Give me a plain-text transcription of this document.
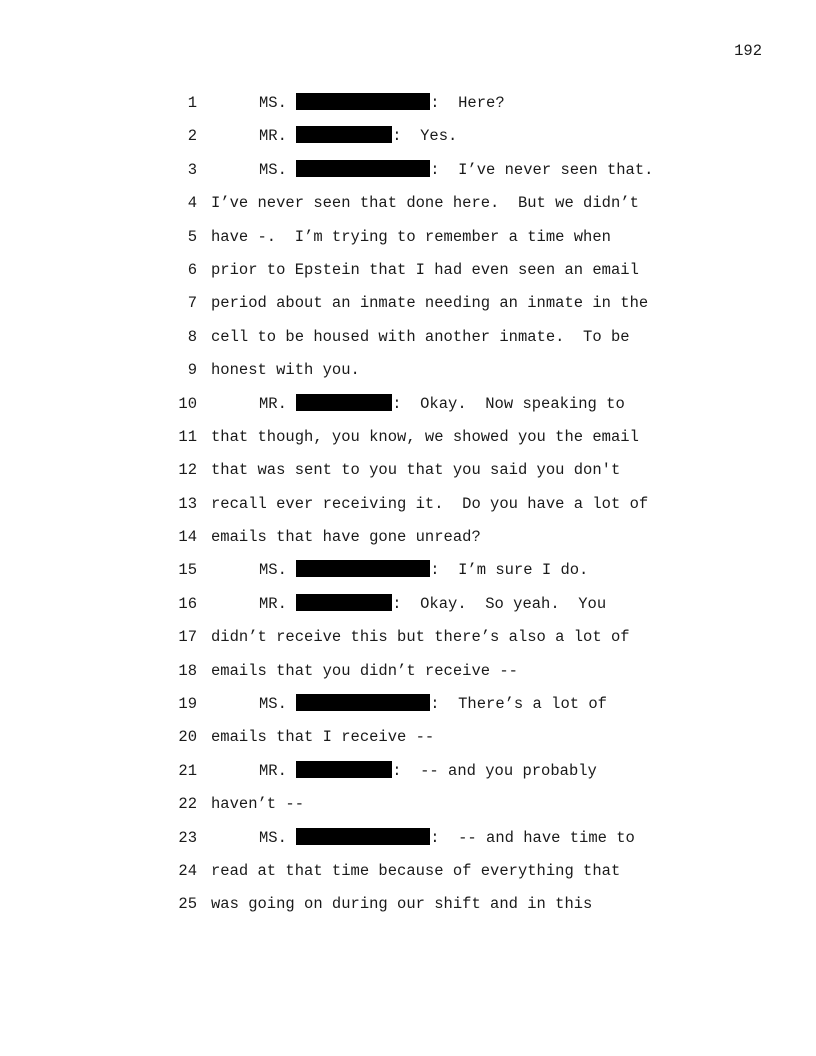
192
1	MS.	:  Here?
2	MR.	:  Yes.
3	MS.	:  I’ve never seen that.
4 I’ve never seen that done here.  But we didn’t
5 have -.  I’m trying to remember a time when
6 prior to Epstein that I had even seen an email
7 period about an inmate needing an inmate in the
8 cell to be housed with another inmate.  To be
9 honest with you.
10	MR.	:  Okay.  Now speaking to
11 that though, you know, we showed you the email
12 that was sent to you that you said you don't
13 recall ever receiving it.  Do you have a lot of
14 emails that have gone unread?
15	MS.	:  I’m sure I do.
16	MR.	:  Okay.  So yeah.  You
17 didn’t receive this but there’s also a lot of
18 emails that you didn’t receive --
19	MS.	:  There’s a lot of
20 emails that I receive --
21	MR.	:  -- and you probably
22 haven’t --
23	MS.	:  -- and have time to
24 read at that time because of everything that
25 was going on during our shift and in this
